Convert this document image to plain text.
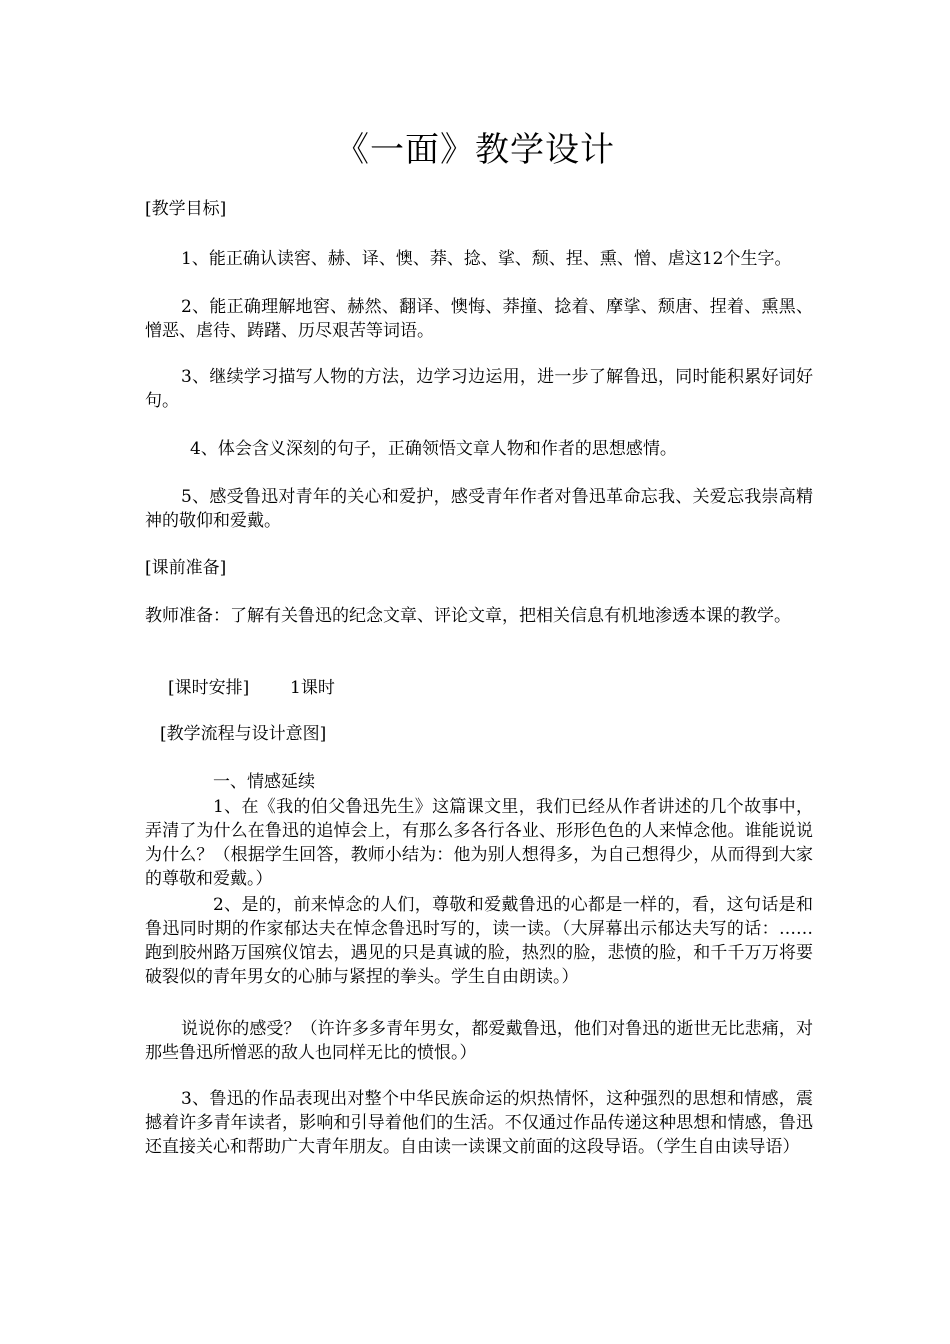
《一面》教学设计
[教学目标]
1、能正确认读窖、赫、译、懊、莽、捻、挲、颓、捏、熏、憎、虐这12个生字。
2、能正确理解地窖、赫然、翻译、懊悔、莽撞、捻着、摩挲、颓唐、捏着、熏黑、憎恶、虐待、踌躇、历尽艰苦等词语。
3、继续学习描写人物的方法，边学习边运用，进一步了解鲁迅，同时能积累好词好句。
4、体会含义深刻的句子，正确领悟文章人物和作者的思想感情。
5、感受鲁迅对青年的关心和爱护，感受青年作者对鲁迅革命忘我、关爱忘我崇高精神的敬仰和爱戴。
[课前准备]
教师准备：了解有关鲁迅的纪念文章、评论文章，把相关信息有机地渗透本课的教学。
[课时安排] 1课时
[教学流程与设计意图]
一、情感延续
1、在《我的伯父鲁迅先生》这篇课文里，我们已经从作者讲述的几个故事中，弄清了为什么在鲁迅的追悼会上，有那么多各行各业、形形色色的人来悼念他。谁能说说为什么？（根据学生回答，教师小结为：他为别人想得多，为自己想得少，从而得到大家的尊敬和爱戴。）
2、是的，前来悼念的人们，尊敬和爱戴鲁迅的心都是一样的，看，这句话是和鲁迅同时期的作家郁达夫在悼念鲁迅时写的，读一读。（大屏幕出示郁达夫写的话：……跑到胶州路万国殡仪馆去，遇见的只是真诚的脸，热烈的脸，悲愤的脸，和千千万万将要破裂似的青年男女的心肺与紧捏的拳头。学生自由朗读。）
说说你的感受？（许许多多青年男女，都爱戴鲁迅，他们对鲁迅的逝世无比悲痛，对那些鲁迅所憎恶的敌人也同样无比的愤恨。）
3、鲁迅的作品表现出对整个中华民族命运的炽热情怀，这种强烈的思想和情感，震撼着许多青年读者，影响和引导着他们的生活。不仅通过作品传递这种思想和情感，鲁迅还直接关心和帮助广大青年朋友。自由读一读课文前面的这段导语。（学生自由读导语）
